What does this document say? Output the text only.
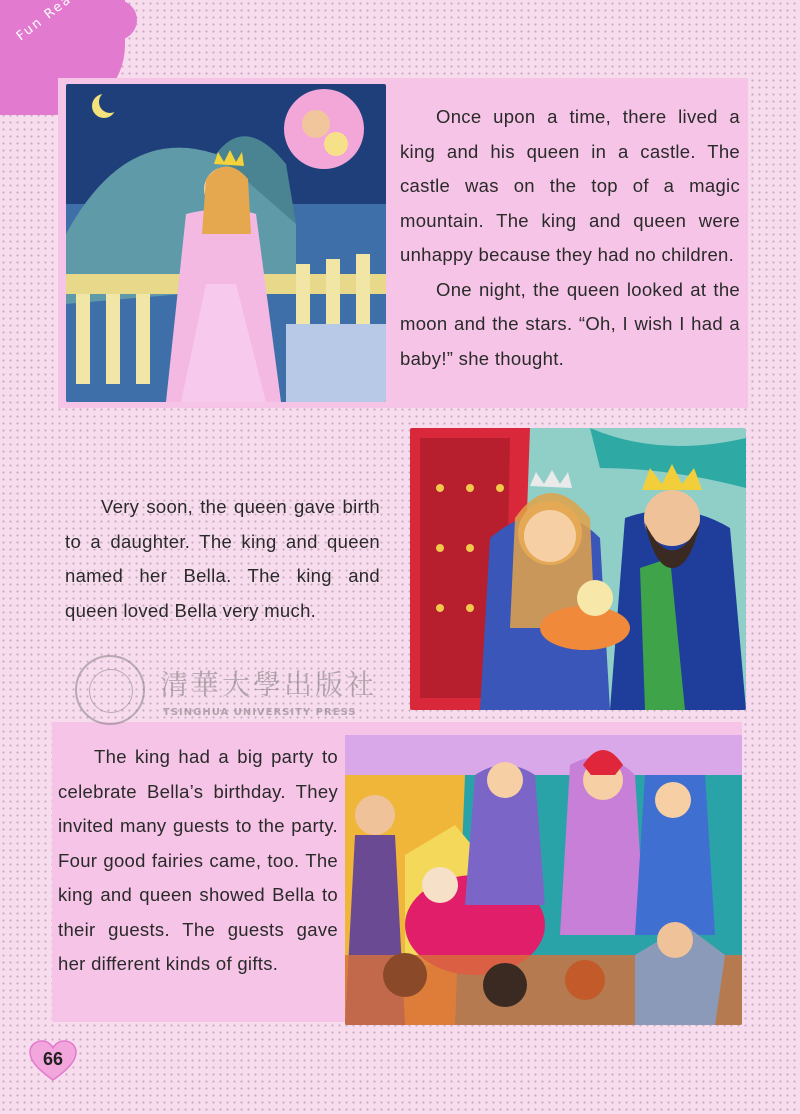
Once upon a time, there lived a king and his queen in a castle. The castle was on the top of a magic mountain. The king and queen were unhappy because they had no children.

One night, the queen looked at the moon and the stars. “Oh, I wish I had a baby!” she thought.

Very soon, the queen gave birth to a daughter. The king and queen named her Bella. The king and queen loved Bella very much.

The king had a big party to celebrate Bella’s birthday. They invited many guests to the party. Four good fairies came, too. The king and queen showed Bella to their guests. The guests gave her different kinds of gifts.

清華大學出版社
TSINGHUA UNIVERSITY PRESS
66
